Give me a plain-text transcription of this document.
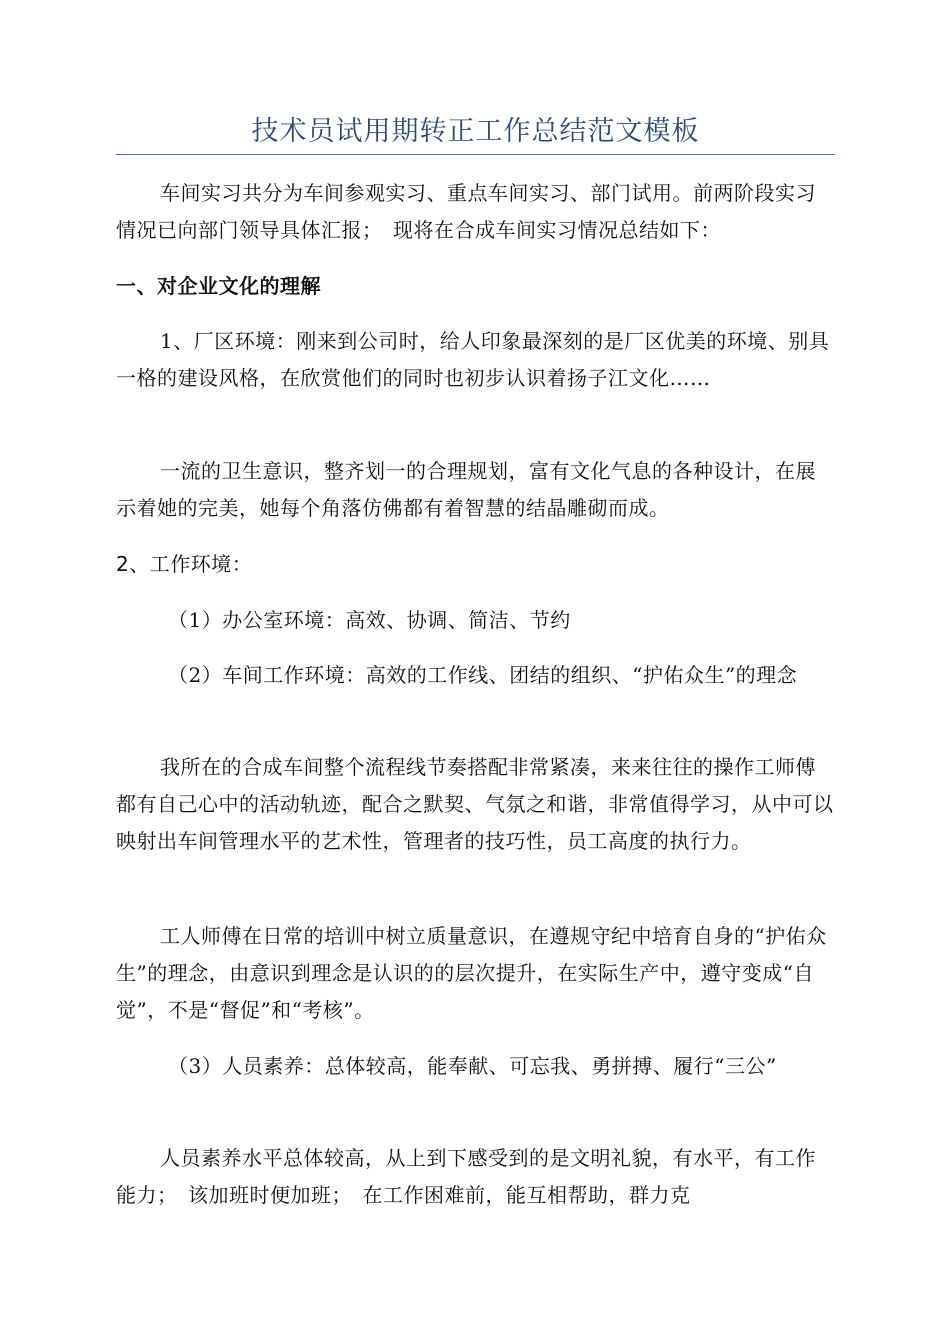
技术员试用期转正工作总结范文模板

车间实习共分为车间参观实习、重点车间实习、部门试用。前两阶段实习情况已向部门领导具体汇报；　现将在合成车间实习情况总结如下：

一、对企业文化的理解

1、厂区环境：刚来到公司时，给人印象最深刻的是厂区优美的环境、别具一格的建设风格，在欣赏他们的同时也初步认识着扬子江文化……

一流的卫生意识，整齐划一的合理规划，富有文化气息的各种设计，在展示着她的完美，她每个角落仿佛都有着智慧的结晶雕砌而成。

2、工作环境：

（1）办公室环境：高效、协调、简洁、节约

（2）车间工作环境：高效的工作线、团结的组织、“护佑众生”的理念

我所在的合成车间整个流程线节奏搭配非常紧凑，来来往往的操作工师傅都有自己心中的活动轨迹，配合之默契、气氛之和谐，非常值得学习，从中可以映射出车间管理水平的艺术性，管理者的技巧性，员工高度的执行力。

工人师傅在日常的培训中树立质量意识，在遵规守纪中培育自身的“护佑众生”的理念，由意识到理念是认识的的层次提升，在实际生产中，遵守变成“自觉”，不是“督促”和“考核”。

（3）人员素养：总体较高，能奉献、可忘我、勇拼搏、履行“三公”

人员素养水平总体较高，从上到下感受到的是文明礼貌，有水平，有工作能力；　该加班时便加班；　在工作困难前，能互相帮助，群力克
